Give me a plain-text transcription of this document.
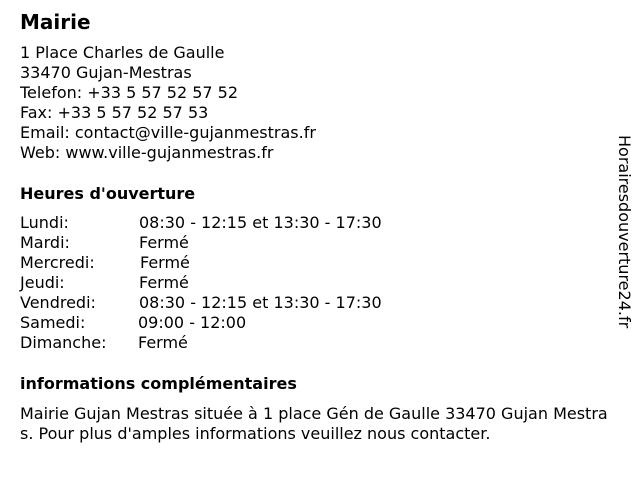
Mairie
1 Place Charles de Gaulle
33470 Gujan-Mestras
Telefon: +33 5 57 52 57 52
Fax: +33 5 57 52 57 53
Email: contact@ville-gujanmestras.fr
Web: www.ville-gujanmestras.fr
Heures d'ouverture
Lundi:	08:30 - 12:15 et 13:30 - 17:30
Mardi:	Fermé
Mercredi:	Fermé
Jeudi:	Fermé
Vendredi:	08:30 - 12:15 et 13:30 - 17:30
Samedi:	09:00 - 12:00
Dimanche: Fermé
informations complémentaires
Mairie Gujan Mestras située à 1 place Gén de Gaulle 33470 Gujan Mestras. Pour plus d'amples informations veuillez nous contacter.
Horairesdouverture24.fr
